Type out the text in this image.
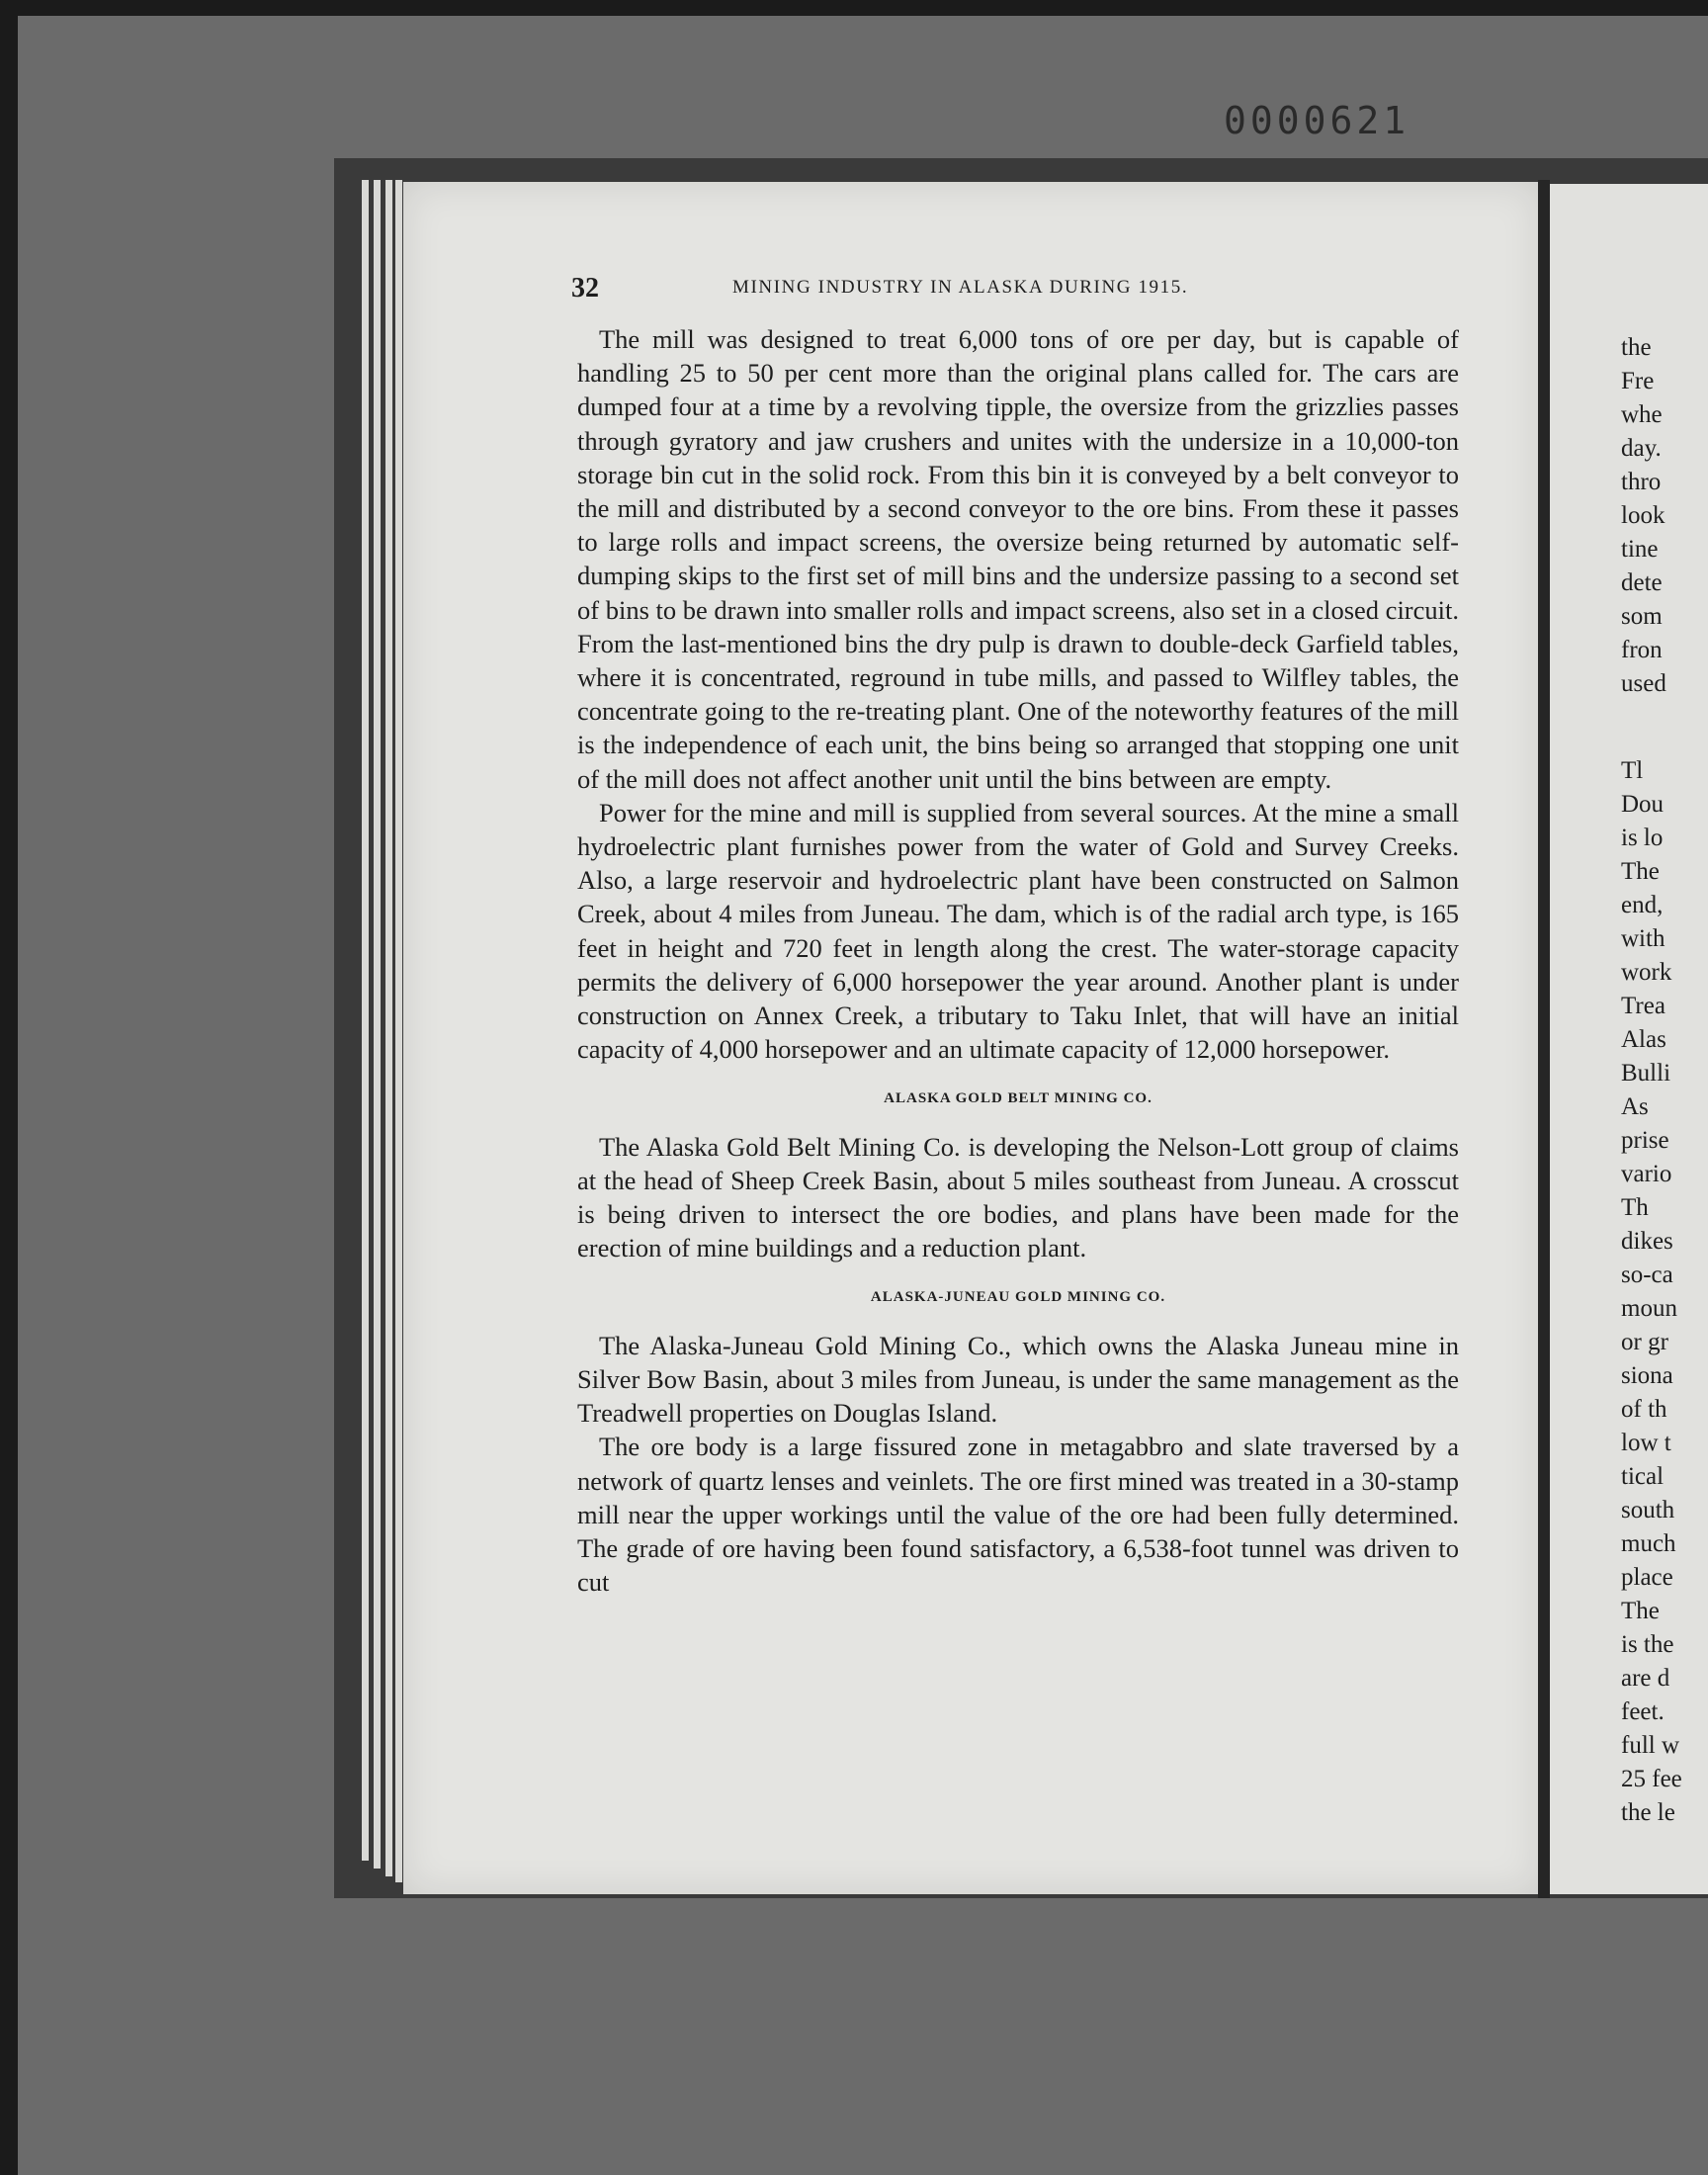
0000621
the
Fre
whe
day.
thro
look
tine
dete
som
fron
used
Tl
Dou
is lo
The
end,
with
work
Trea
Alas
Bulli
As
prise
vario
Th
dikes
so-ca
moun
or gr
siona
of th
low t
tical
south
much
place
The
is the
are d
feet.
full w
25 fee
the le
32	MINING INDUSTRY IN ALASKA DURING 1915.

The mill was designed to treat 6,000 tons of ore per day, but is capable of handling 25 to 50 per cent more than the original plans called for. The cars are dumped four at a time by a revolving tipple, the oversize from the grizzlies passes through gyratory and jaw crushers and unites with the undersize in a 10,000-ton storage bin cut in the solid rock. From this bin it is conveyed by a belt conveyor to the mill and distributed by a second conveyor to the ore bins. From these it passes to large rolls and impact screens, the oversize being returned by automatic self-dumping skips to the first set of mill bins and the undersize passing to a second set of bins to be drawn into smaller rolls and impact screens, also set in a closed circuit. From the last-mentioned bins the dry pulp is drawn to double-deck Garfield tables, where it is concentrated, reground in tube mills, and passed to Wilfley tables, the concentrate going to the re-treating plant. One of the noteworthy features of the mill is the independence of each unit, the bins being so arranged that stopping one unit of the mill does not affect another unit until the bins between are empty.

Power for the mine and mill is supplied from several sources. At the mine a small hydroelectric plant furnishes power from the water of Gold and Survey Creeks. Also, a large reservoir and hydroelectric plant have been constructed on Salmon Creek, about 4 miles from Juneau. The dam, which is of the radial arch type, is 165 feet in height and 720 feet in length along the crest. The water-storage capacity permits the delivery of 6,000 horsepower the year around. Another plant is under construction on Annex Creek, a tributary to Taku Inlet, that will have an initial capacity of 4,000 horsepower and an ultimate capacity of 12,000 horsepower.

ALASKA GOLD BELT MINING CO.

The Alaska Gold Belt Mining Co. is developing the Nelson-Lott group of claims at the head of Sheep Creek Basin, about 5 miles southeast from Juneau. A crosscut is being driven to intersect the ore bodies, and plans have been made for the erection of mine buildings and a reduction plant.

ALASKA-JUNEAU GOLD MINING CO.

The Alaska-Juneau Gold Mining Co., which owns the Alaska Juneau mine in Silver Bow Basin, about 3 miles from Juneau, is under the same management as the Treadwell properties on Douglas Island.

The ore body is a large fissured zone in metagabbro and slate traversed by a network of quartz lenses and veinlets. The ore first mined was treated in a 30-stamp mill near the upper workings until the value of the ore had been fully determined. The grade of ore having been found satisfactory, a 6,538-foot tunnel was driven to cut
